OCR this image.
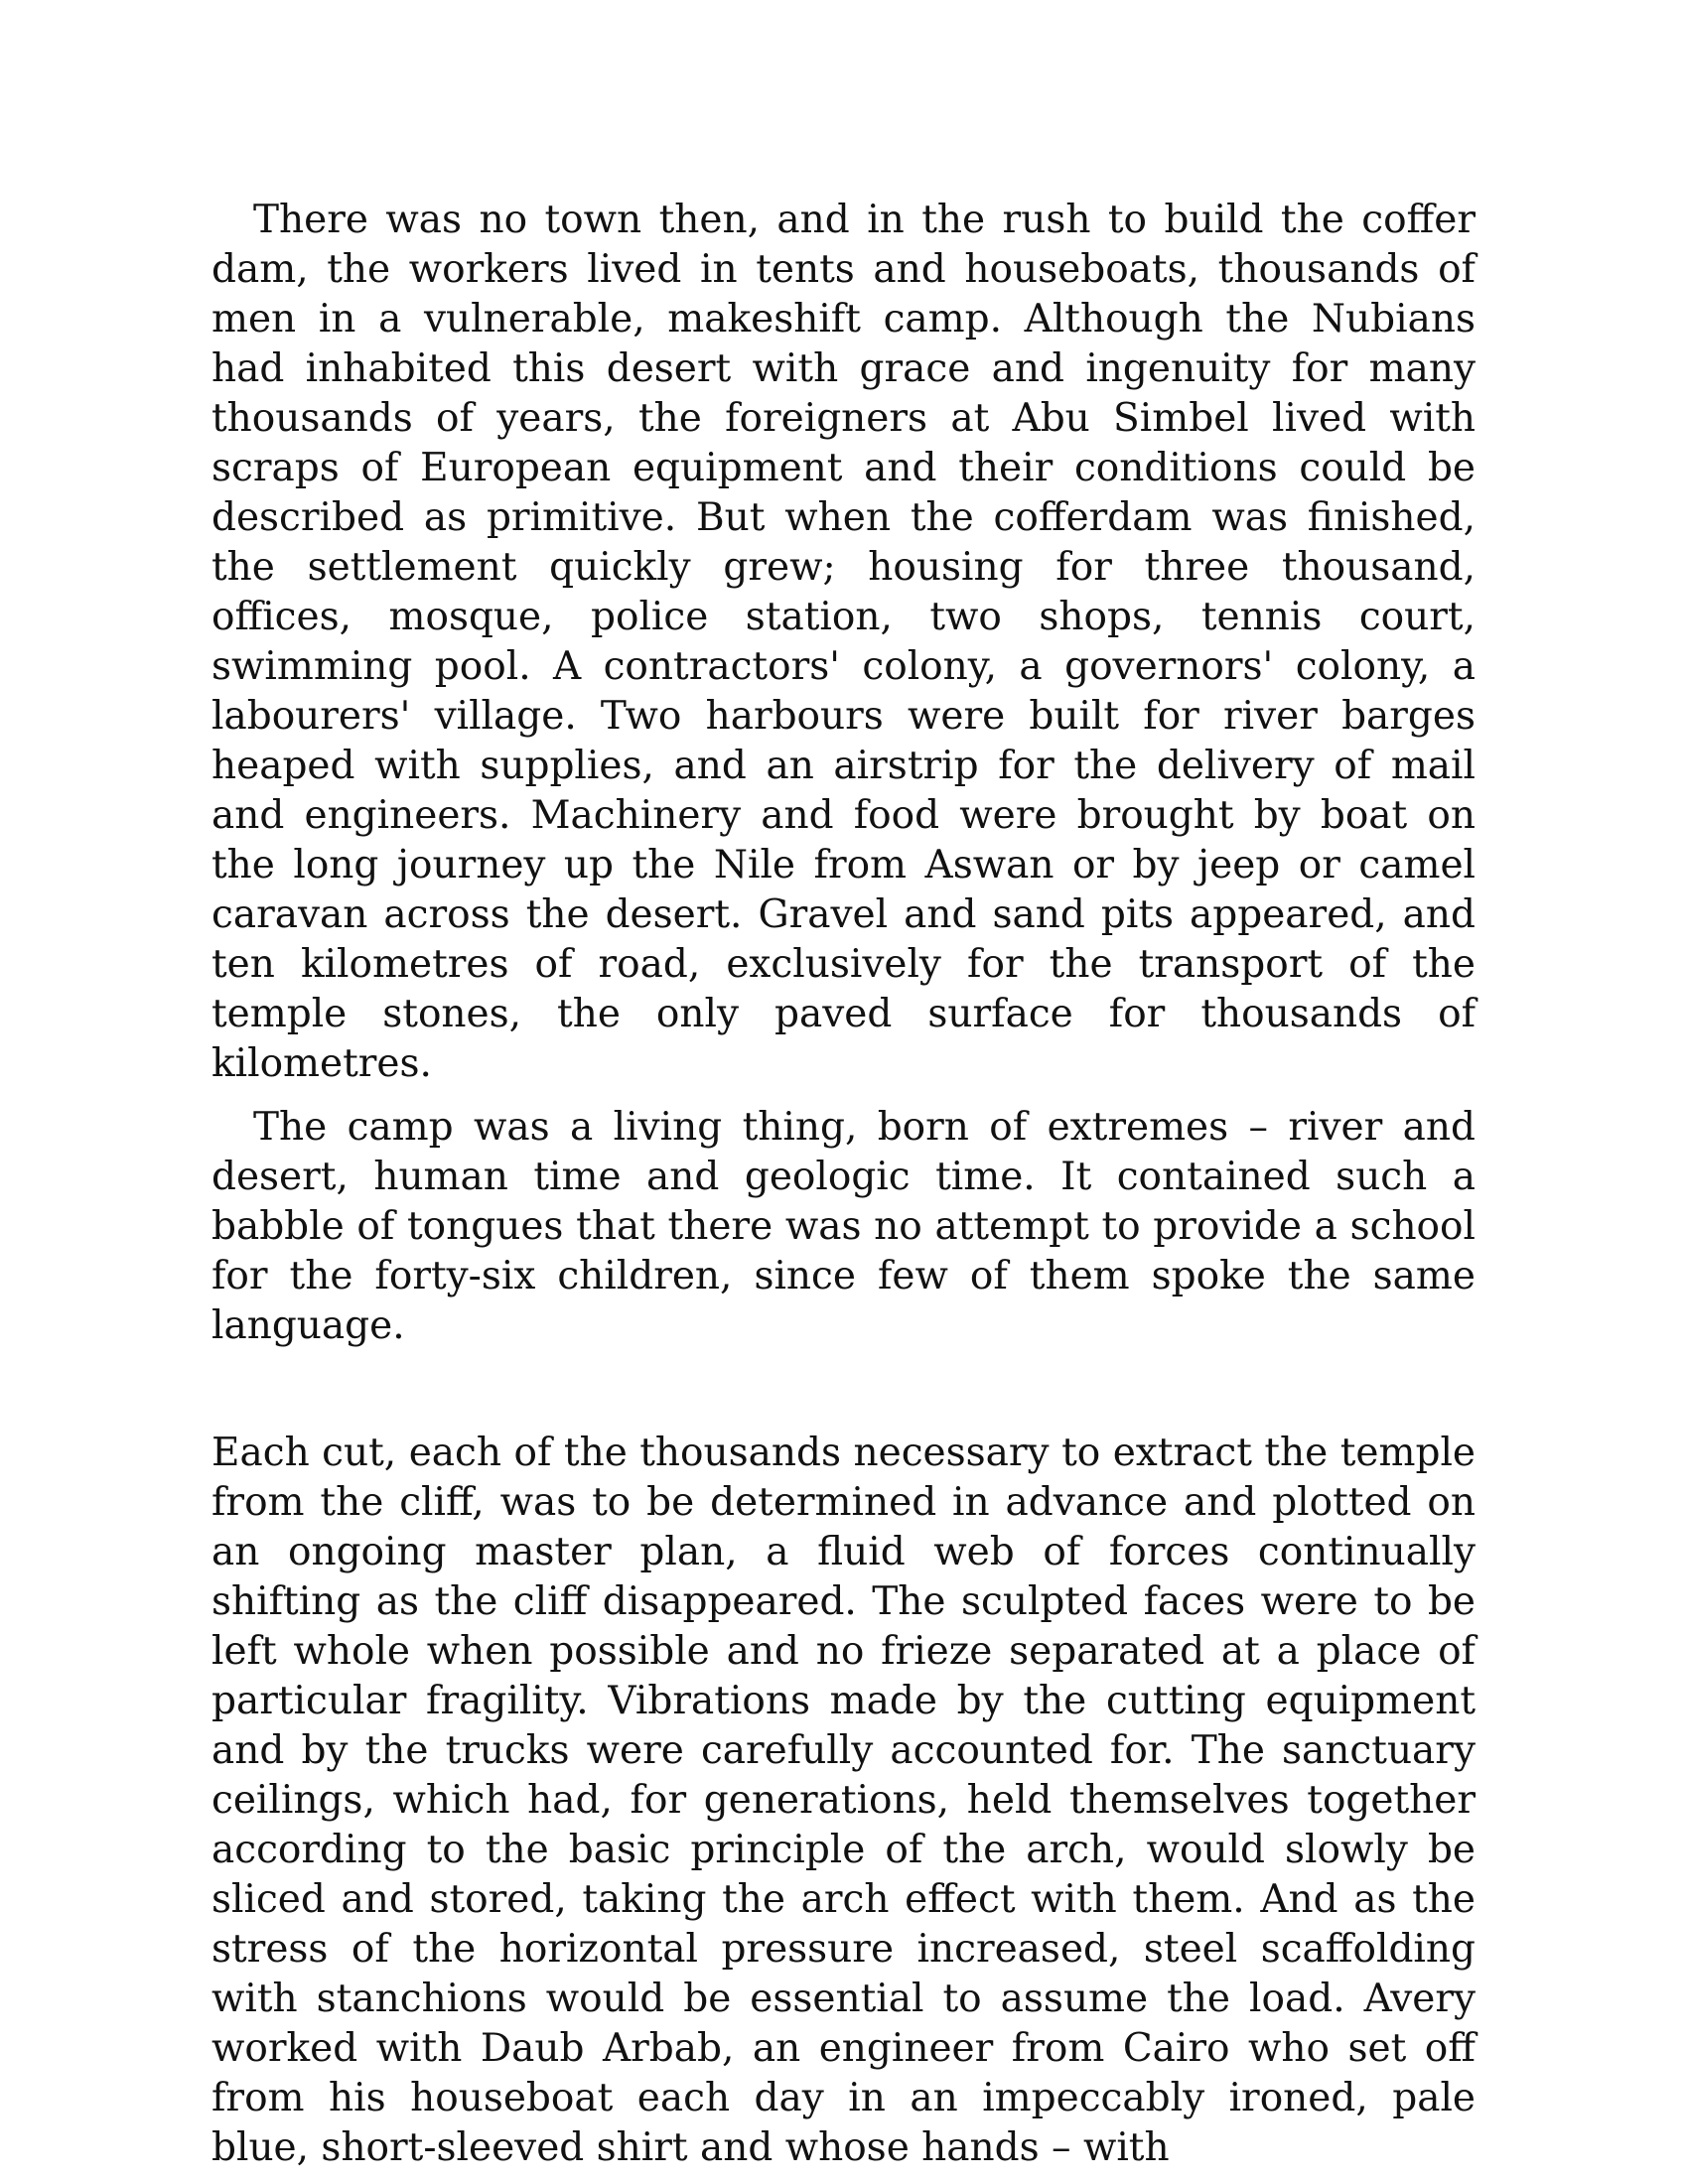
There was no town then, and in the rush to build the coffer dam, the workers lived in tents and houseboats, thousands of men in a vulnerable, makeshift camp. Although the Nubians had inhabited this desert with grace and ingenuity for many thousands of years, the foreigners at Abu Simbel lived with scraps of European equipment and their conditions could be described as primitive. But when the cofferdam was finished, the settlement quickly grew; housing for three thousand, offices, mosque, police station, two shops, tennis court, swimming pool. A contractors' colony, a governors' colony, a labourers' village. Two harbours were built for river barges heaped with supplies, and an airstrip for the delivery of mail and engineers. Machinery and food were brought by boat on the long journey up the Nile from Aswan or by jeep or camel caravan across the desert. Gravel and sand pits appeared, and ten kilometres of road, exclusively for the transport of the temple stones, the only paved surface for thousands of kilometres.

The camp was a living thing, born of extremes – river and desert, human time and geologic time. It contained such a babble of tongues that there was no attempt to provide a school for the forty-six children, since few of them spoke the same language.

Each cut, each of the thousands necessary to extract the temple from the cliff, was to be determined in advance and plotted on an ongoing master plan, a fluid web of forces continually shifting as the cliff disappeared. The sculpted faces were to be left whole when possible and no frieze separated at a place of particular fragility. Vibrations made by the cutting equipment and by the trucks were carefully accounted for. The sanctuary ceilings, which had, for generations, held themselves together according to the basic principle of the arch, would slowly be sliced and stored, taking the arch effect with them. And as the stress of the horizontal pressure increased, steel scaffolding with stanchions would be essential to assume the load. Avery worked with Daub Arbab, an engineer from Cairo who set off from his houseboat each day in an impeccably ironed, pale blue, short-sleeved shirt and whose hands – with
